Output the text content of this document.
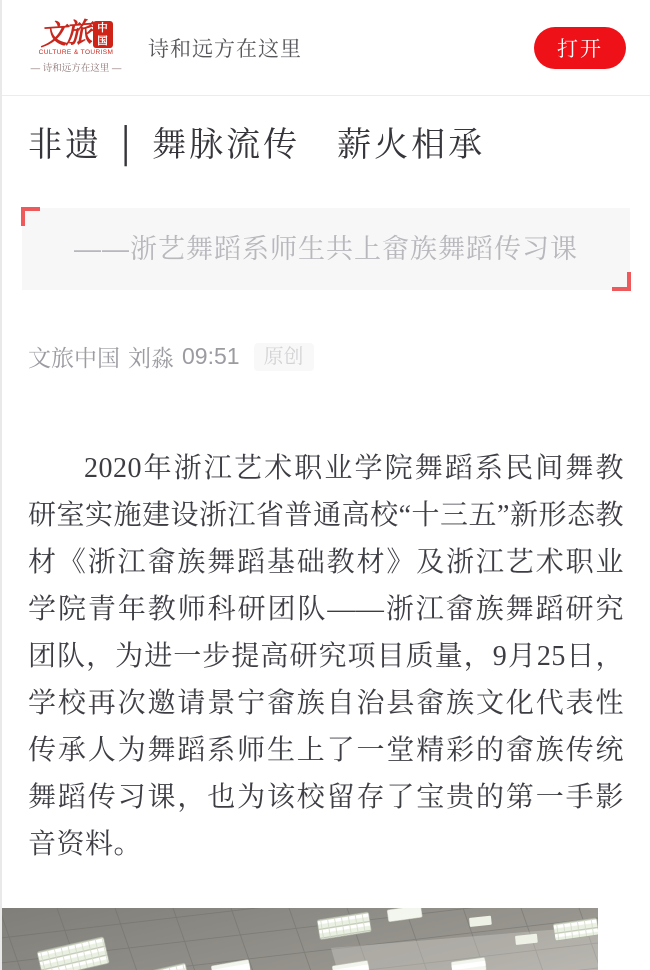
文旅 中
国
CULTURE & TOURISM
— 诗和远方在这里 —
诗和远方在这里	打开
非遗 │ 舞脉流传　薪火相承
——浙艺舞蹈系师生共上畲族舞蹈传习课
文旅中国 刘淼 09:51	原创

2020年浙江艺术职业学院舞蹈系民间舞教研室实施建设浙江省普通高校“十三五”新形态教材《浙江畲族舞蹈基础教材》及浙江艺术职业学院青年教师科研团队——浙江畲族舞蹈研究团队，为进一步提高研究项目质量，9月25日，学校再次邀请景宁畲族自治县畲族文化代表性传承人为舞蹈系师生上了一堂精彩的畲族传统舞蹈传习课，也为该校留存了宝贵的第一手影音资料。
